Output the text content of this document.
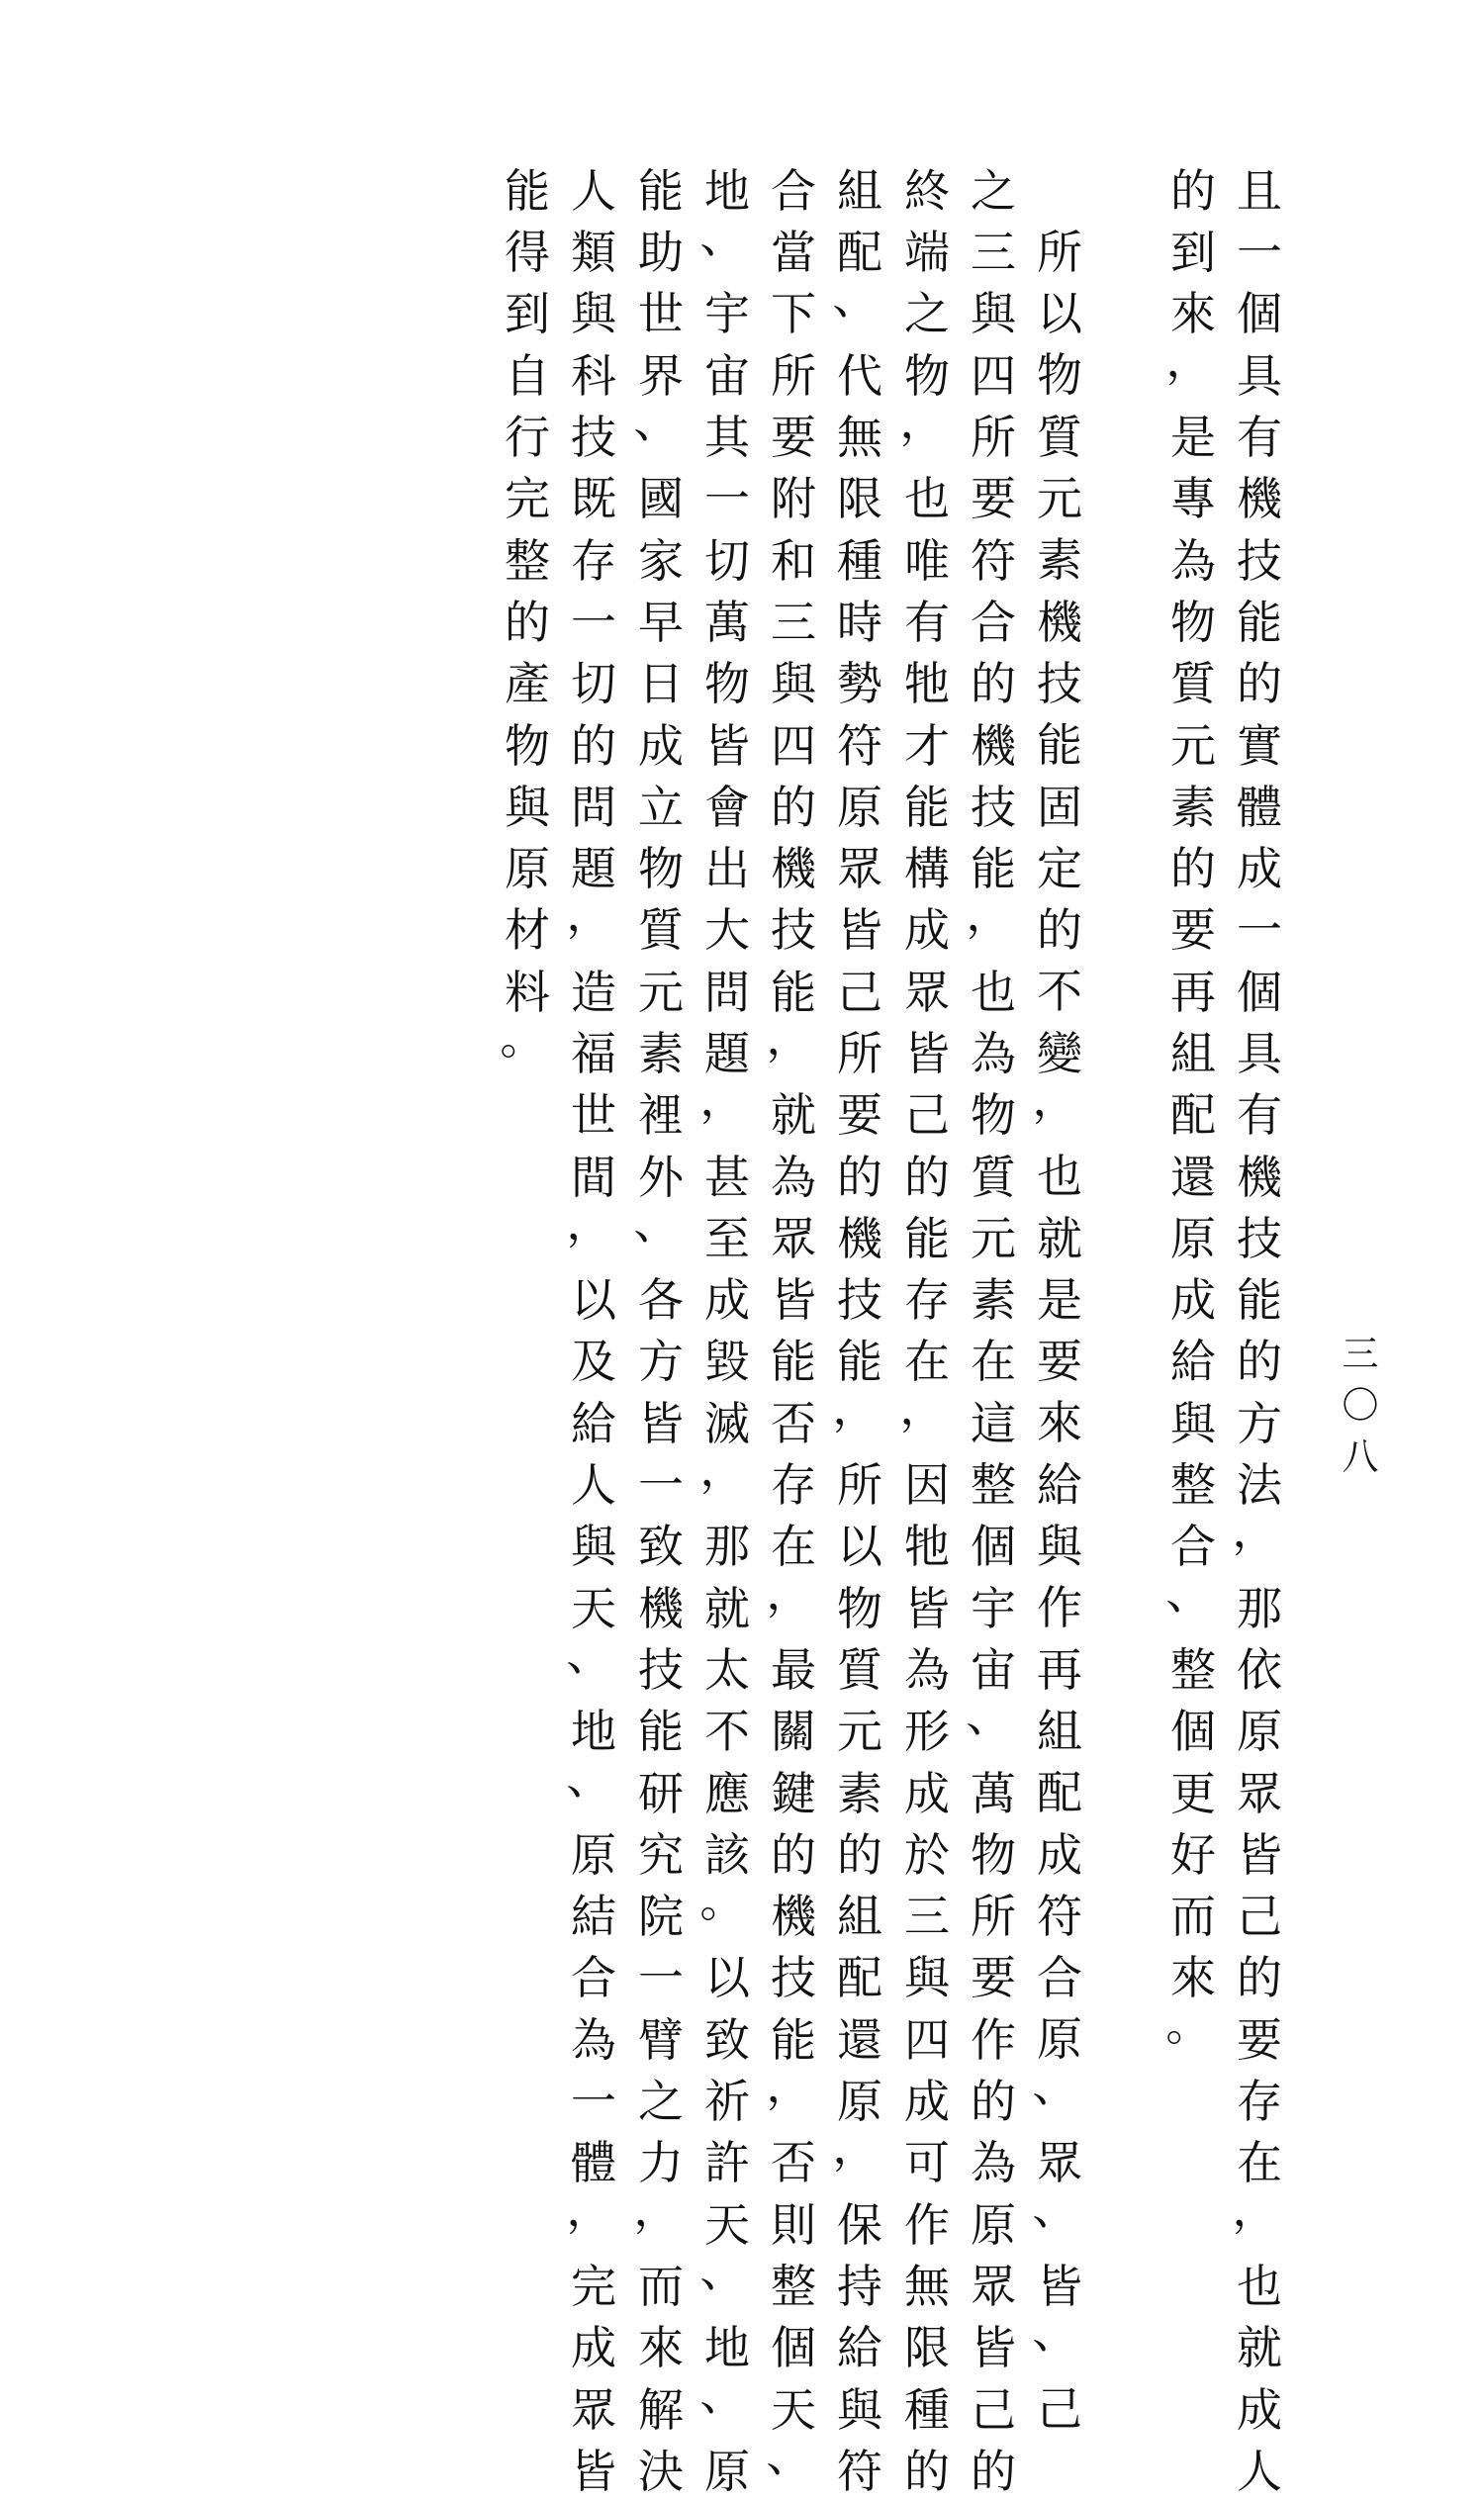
三
〇
八
且
一
個
具
有
機
技
能
的
實
體
成
一
個
具
有
機
技
能
的
方
法
，
那
依
原
眾
皆
己
的
要
存
在
，
也
就
成
人
的
到
來
，
是
專
為
物
質
元
素
的
要
再
組
配
還
原
成
給
與
整
合
、
整
個
更
好
而
來
。
所
以
物
質
元
素
機
技
能
固
定
的
不
變
，
也
就
是
要
來
給
與
作
再
組
配
成
符
合
原
、
眾
、
皆
、
己
之
三
與
四
所
要
符
合
的
機
技
能
，
也
為
物
質
元
素
在
這
整
個
宇
宙
、
萬
物
所
要
作
的
為
原
眾
皆
己
的
終
端
之
物
，
也
唯
有
牠
才
能
構
成
眾
皆
己
的
能
存
在
，
因
牠
皆
為
形
成
於
三
與
四
成
可
作
無
限
種
的
組
配
、
代
無
限
種
時
勢
符
原
眾
皆
己
所
要
的
機
技
能
，
所
以
物
質
元
素
的
組
配
還
原
，
保
持
給
與
符
合
當
下
所
要
附
和
三
與
四
的
機
技
能
，
就
為
眾
皆
能
否
存
在
，
最
關
鍵
的
機
技
能
，
否
則
整
個
天
、
地
、
宇
宙
其
一
切
萬
物
皆
會
出
大
問
題
，
甚
至
成
毀
滅
，
那
就
太
不
應
該
。
以
致
祈
許
天
、
地
、
原
能
助
世
界
、
國
家
早
日
成
立
物
質
元
素
裡
外
、
各
方
皆
一
致
機
技
能
研
究
院
一
臂
之
力
，
而
來
解
決
人
類
與
科
技
既
存
一
切
的
問
題
，
造
福
世
間
，
以
及
給
人
與
天
、
地
、
原
結
合
為
一
體
，
完
成
眾
皆
能
得
到
自
行
完
整
的
產
物
與
原
材
料
。
